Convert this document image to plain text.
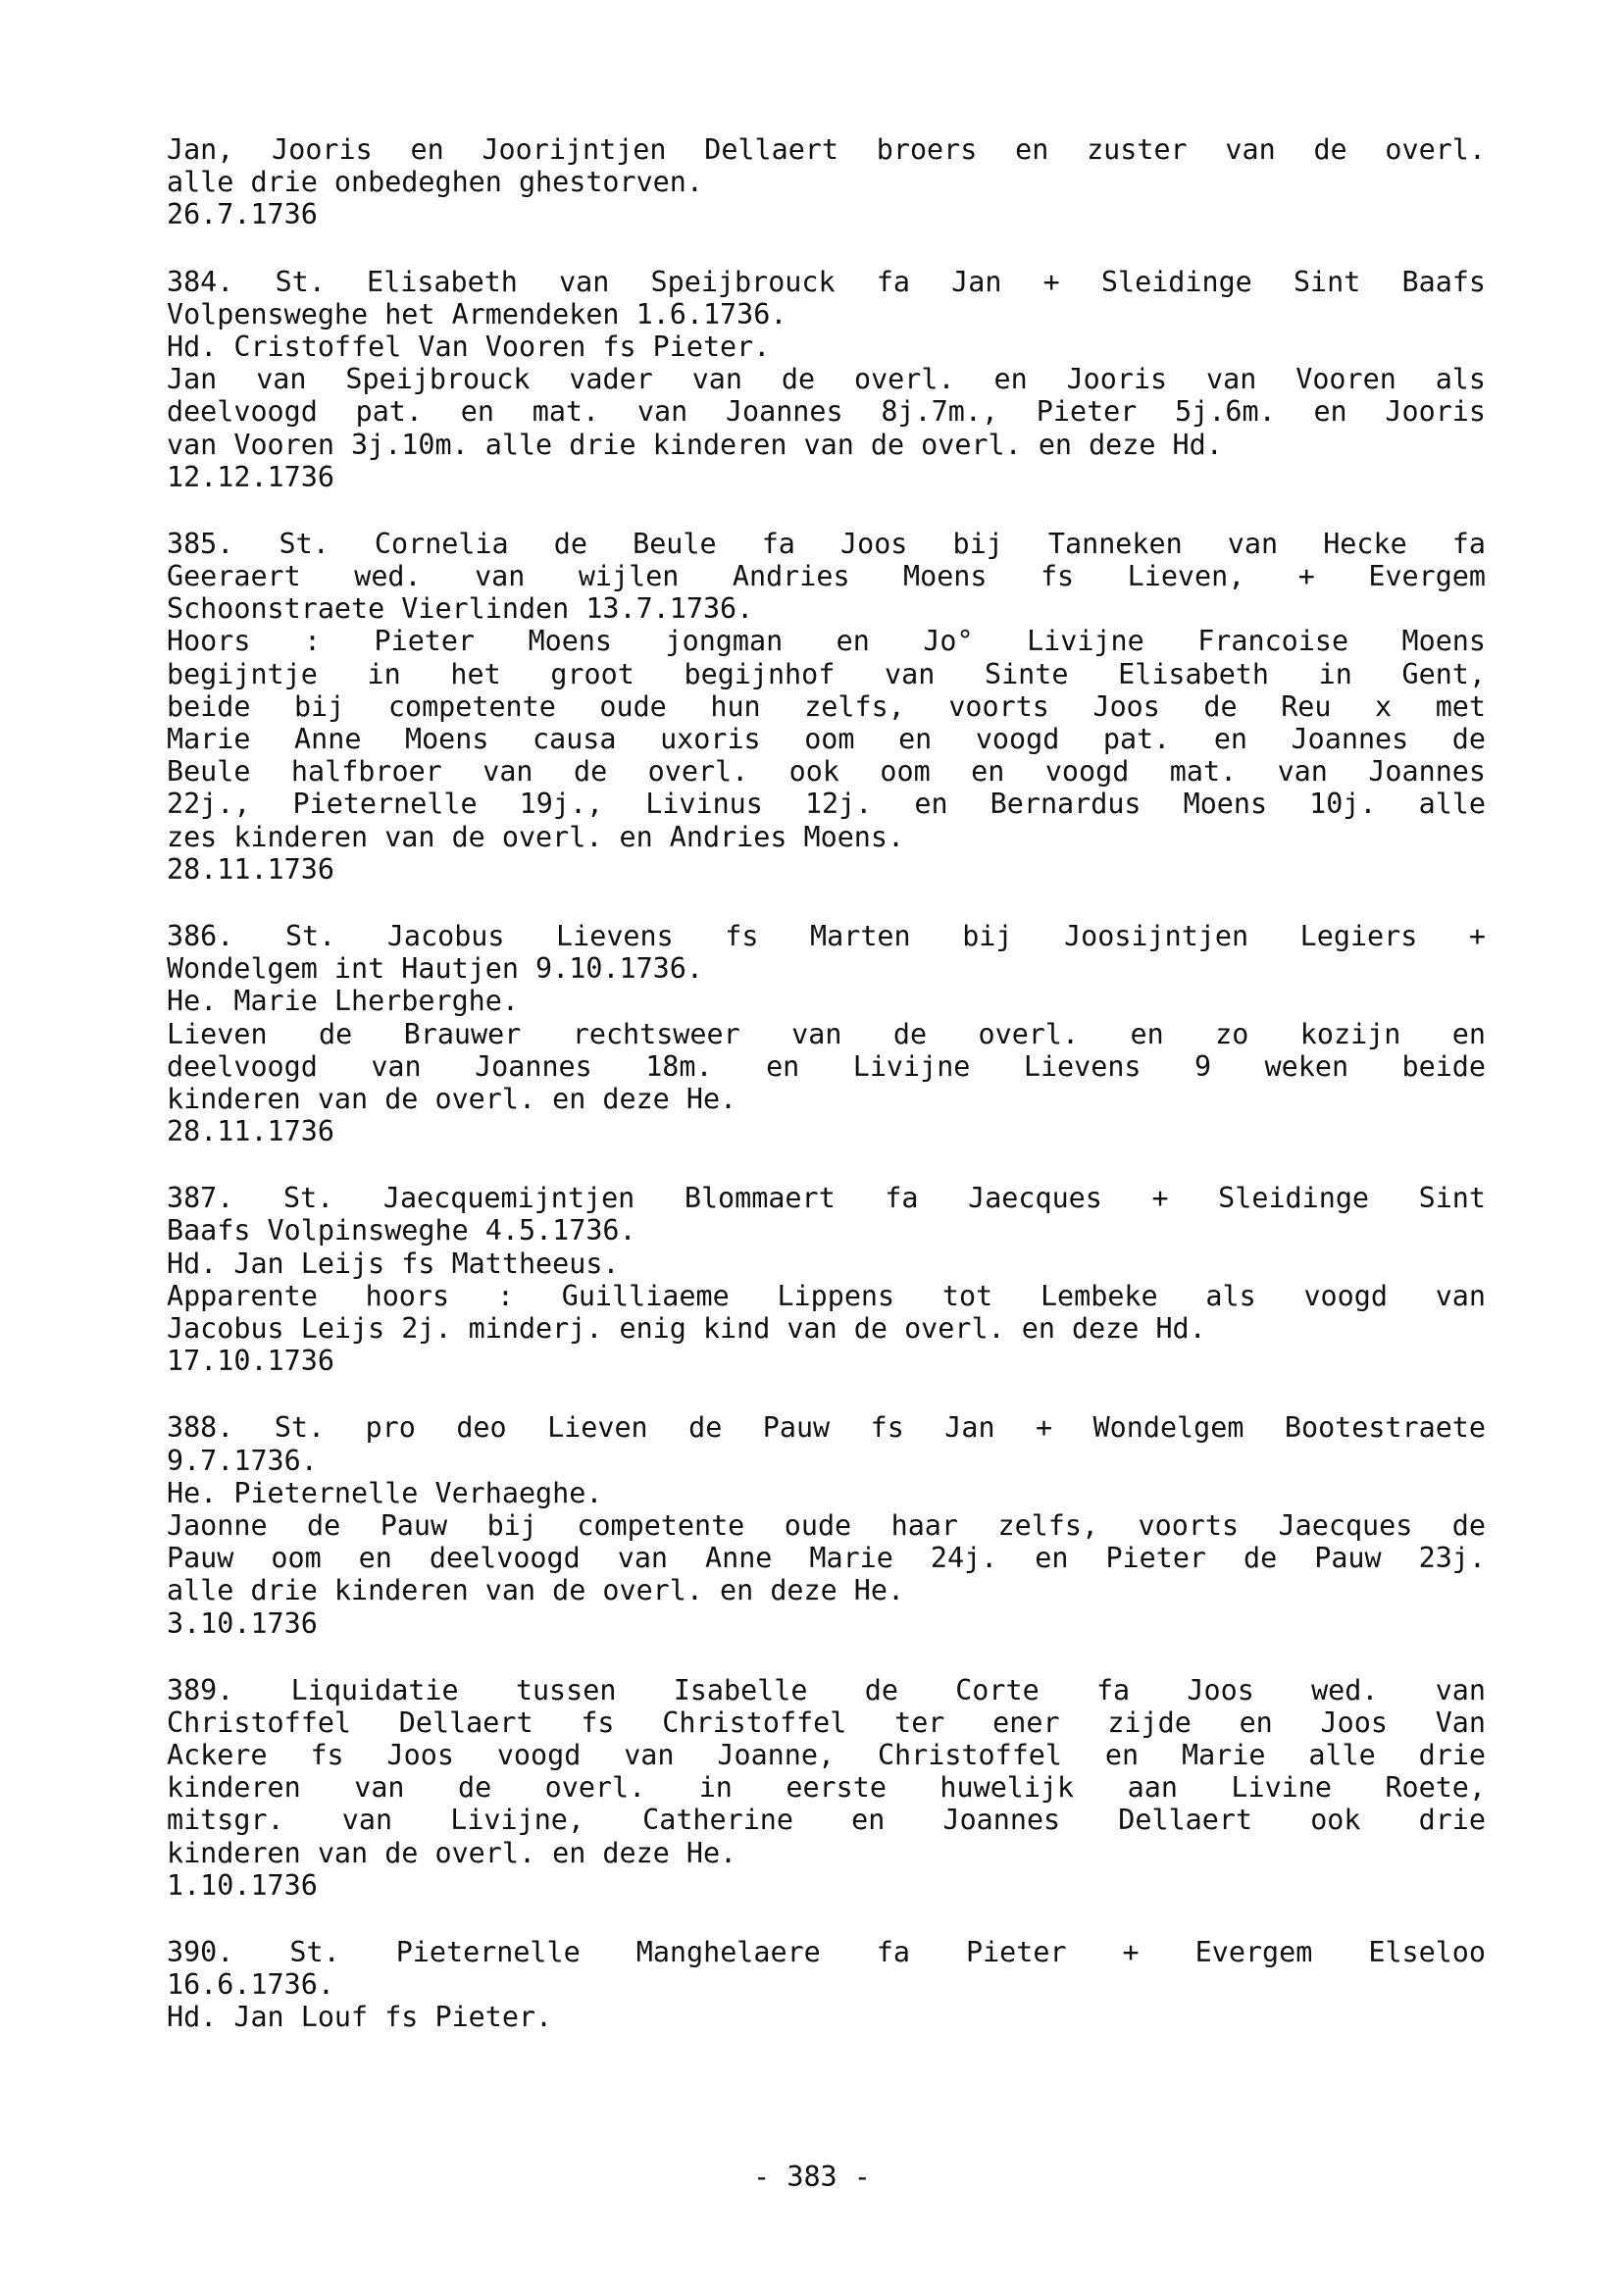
Jan, Jooris en Joorijntjen Dellaert broers en zuster van de overl.
alle drie onbedeghen ghestorven.
26.7.1736
384. St. Elisabeth van Speijbrouck fa Jan + Sleidinge Sint Baafs
Volpensweghe het Armendeken 1.6.1736.
Hd. Cristoffel Van Vooren fs Pieter.
Jan van Speijbrouck vader van de overl. en Jooris van Vooren als
deelvoogd pat. en mat. van Joannes 8j.7m., Pieter 5j.6m. en Jooris
van Vooren 3j.10m. alle drie kinderen van de overl. en deze Hd.
12.12.1736
385. St. Cornelia de Beule fa Joos bij Tanneken van Hecke fa
Geeraert wed. van wijlen Andries Moens fs Lieven, + Evergem
Schoonstraete Vierlinden 13.7.1736.
Hoors : Pieter Moens jongman en Jo° Livijne Francoise Moens
begijntje in het groot begijnhof van Sinte Elisabeth in Gent,
beide bij competente oude hun zelfs, voorts Joos de Reu x met
Marie Anne Moens causa uxoris oom en voogd pat. en Joannes de
Beule halfbroer van de overl. ook oom en voogd mat. van Joannes
22j., Pieternelle 19j., Livinus 12j. en Bernardus Moens 10j. alle
zes kinderen van de overl. en Andries Moens.
28.11.1736
386. St. Jacobus Lievens fs Marten bij Joosijntjen Legiers +
Wondelgem int Hautjen 9.10.1736.
He. Marie Lherberghe.
Lieven de Brauwer rechtsweer van de overl. en zo kozijn en
deelvoogd van Joannes 18m. en Livijne Lievens 9 weken beide
kinderen van de overl. en deze He.
28.11.1736
387. St. Jaecquemijntjen Blommaert fa Jaecques + Sleidinge Sint
Baafs Volpinsweghe 4.5.1736.
Hd. Jan Leijs fs Mattheeus.
Apparente hoors : Guilliaeme Lippens tot Lembeke als voogd van
Jacobus Leijs 2j. minderj. enig kind van de overl. en deze Hd.
17.10.1736
388. St. pro deo Lieven de Pauw fs Jan + Wondelgem Bootestraete
9.7.1736.
He. Pieternelle Verhaeghe.
Jaonne de Pauw bij competente oude haar zelfs, voorts Jaecques de
Pauw oom en deelvoogd van Anne Marie 24j. en Pieter de Pauw 23j.
alle drie kinderen van de overl. en deze He.
3.10.1736
389. Liquidatie tussen Isabelle de Corte fa Joos wed. van
Christoffel Dellaert fs Christoffel ter ener zijde en Joos Van
Ackere fs Joos voogd van Joanne, Christoffel en Marie alle drie
kinderen van de overl. in eerste huwelijk aan Livine Roete,
mitsgr. van Livijne, Catherine en Joannes Dellaert ook drie
kinderen van de overl. en deze He.
1.10.1736
390. St. Pieternelle Manghelaere fa Pieter + Evergem Elseloo
16.6.1736.
Hd. Jan Louf fs Pieter.
- 383 -
